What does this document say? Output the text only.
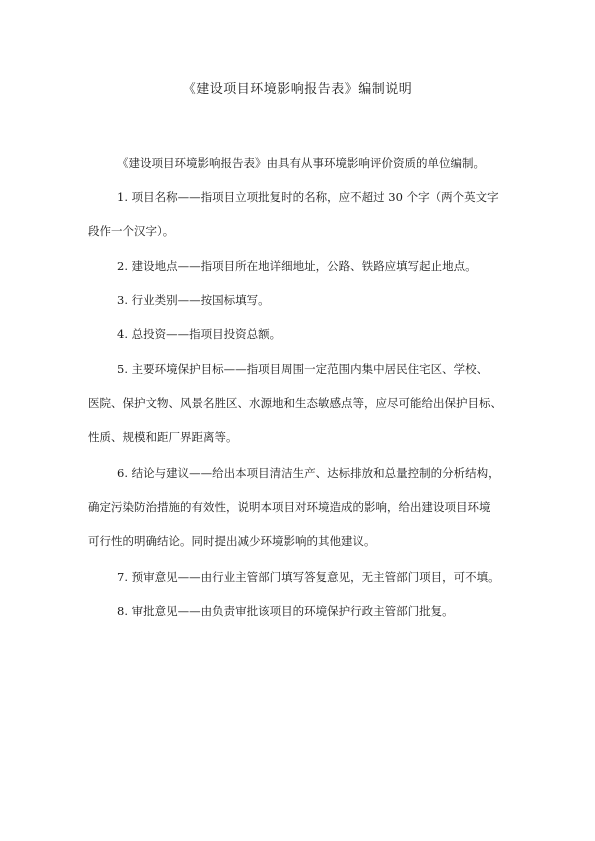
《建设项目环境影响报告表》编制说明

《建设项目环境影响报告表》由具有从事环境影响评价资质的单位编制。

1. 项目名称——指项目立项批复时的名称，应不超过 30 个字（两个英文字
段作一个汉字）。

2. 建设地点——指项目所在地详细地址，公路、铁路应填写起止地点。

3. 行业类别——按国标填写。

4. 总投资——指项目投资总额。

5. 主要环境保护目标——指项目周围一定范围内集中居民住宅区、学校、
医院、保护文物、风景名胜区、水源地和生态敏感点等，应尽可能给出保护目标、
性质、规模和距厂界距离等。

6. 结论与建议——给出本项目清洁生产、达标排放和总量控制的分析结构，
确定污染防治措施的有效性，说明本项目对环境造成的影响，给出建设项目环境
可行性的明确结论。同时提出减少环境影响的其他建议。

7. 预审意见——由行业主管部门填写答复意见，无主管部门项目，可不填。

8. 审批意见——由负责审批该项目的环境保护行政主管部门批复。
